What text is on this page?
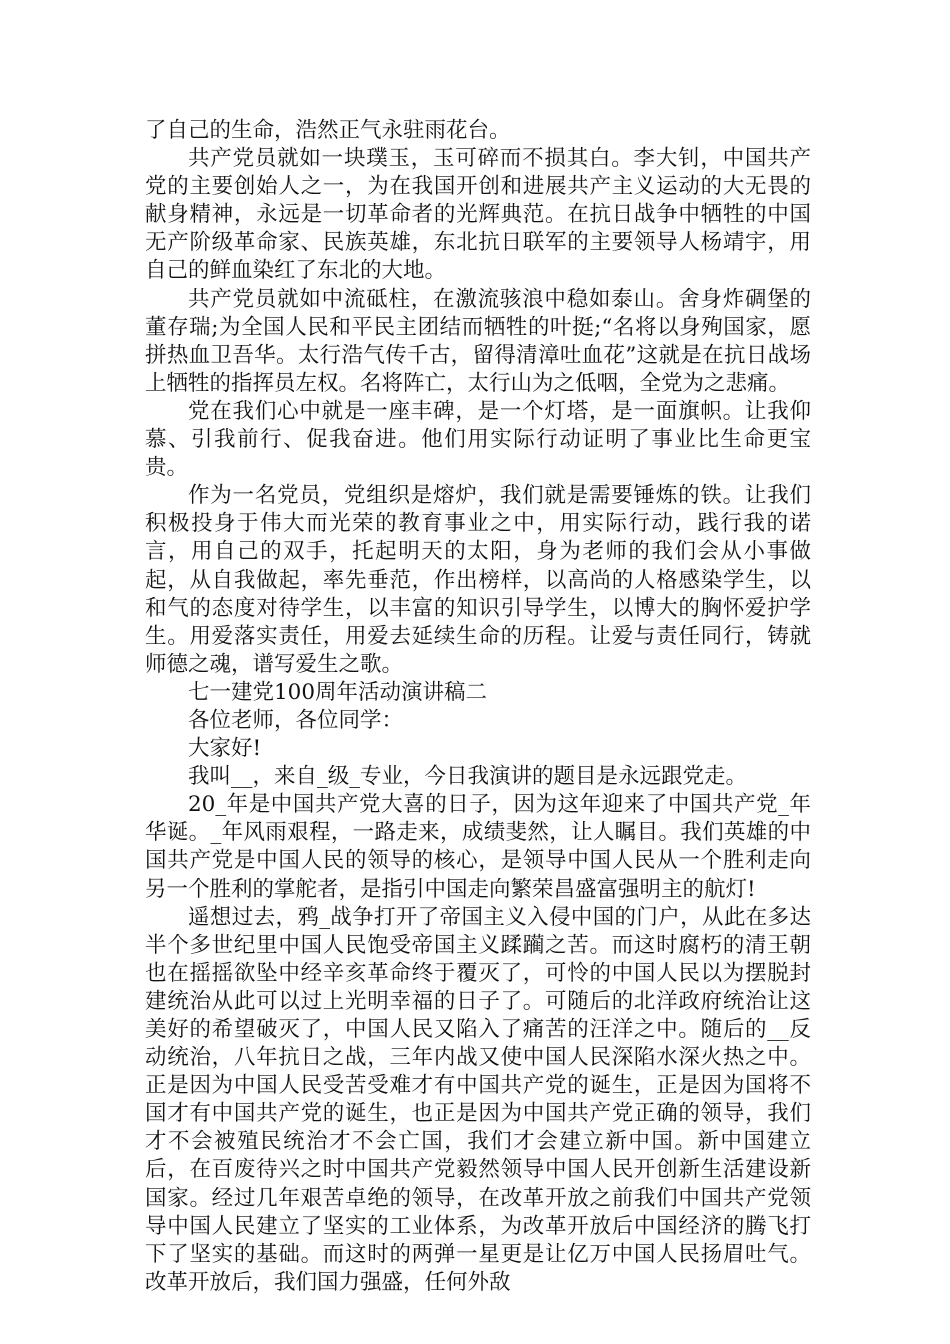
了自己的生命，浩然正气永驻雨花台。

共产党员就如一块璞玉，玉可碎而不损其白。李大钊，中国共产党的主要创始人之一，为在我国开创和进展共产主义运动的大无畏的献身精神，永远是一切革命者的光辉典范。在抗日战争中牺牲的中国无产阶级革命家、民族英雄，东北抗日联军的主要领导人杨靖宇，用自己的鲜血染红了东北的大地。

共产党员就如中流砥柱，在激流骇浪中稳如泰山。舍身炸碉堡的董存瑞;为全国人民和平民主团结而牺牲的叶挺;“名将以身殉国家，愿拼热血卫吾华。太行浩气传千古，留得清漳吐血花”这就是在抗日战场上牺牲的指挥员左权。名将阵亡，太行山为之低咽，全党为之悲痛。

党在我们心中就是一座丰碑，是一个灯塔，是一面旗帜。让我仰慕、引我前行、促我奋进。他们用实际行动证明了事业比生命更宝贵。

作为一名党员，党组织是熔炉，我们就是需要锤炼的铁。让我们积极投身于伟大而光荣的教育事业之中，用实际行动，践行我的诺言，用自己的双手，托起明天的太阳，身为老师的我们会从小事做起，从自我做起，率先垂范，作出榜样，以高尚的人格感染学生，以和气的态度对待学生，以丰富的知识引导学生，以博大的胸怀爱护学生。用爱落实责任，用爱去延续生命的历程。让爱与责任同行，铸就师德之魂，谱写爱生之歌。

七一建党100周年活动演讲稿二

各位老师，各位同学：

大家好!

我叫__，来自_级_专业，今日我演讲的题目是永远跟党走。

20_年是中国共产党大喜的日子，因为这年迎来了中国共产党_年华诞。_年风雨艰程，一路走来，成绩斐然，让人瞩目。我们英雄的中国共产党是中国人民的领导的核心，是领导中国人民从一个胜利走向另一个胜利的掌舵者，是指引中国走向繁荣昌盛富强明主的航灯!

遥想过去，鸦_战争打开了帝国主义入侵中国的门户，从此在多达半个多世纪里中国人民饱受帝国主义蹂躏之苦。而这时腐朽的清王朝也在摇摇欲坠中经辛亥革命终于覆灭了，可怜的中国人民以为摆脱封建统治从此可以过上光明幸福的日子了。可随后的北洋政府统治让这美好的希望破灭了，中国人民又陷入了痛苦的汪洋之中。随后的__反动统治，八年抗日之战，三年内战又使中国人民深陷水深火热之中。正是因为中国人民受苦受难才有中国共产党的诞生，正是因为国将不国才有中国共产党的诞生，也正是因为中国共产党正确的领导，我们才不会被殖民统治才不会亡国，我们才会建立新中国。新中国建立后，在百废待兴之时中国共产党毅然领导中国人民开创新生活建设新国家。经过几年艰苦卓绝的领导，在改革开放之前我们中国共产党领导中国人民建立了坚实的工业体系，为改革开放后中国经济的腾飞打下了坚实的基础。而这时的两弹一星更是让亿万中国人民扬眉吐气。改革开放后，我们国力强盛，任何外敌
